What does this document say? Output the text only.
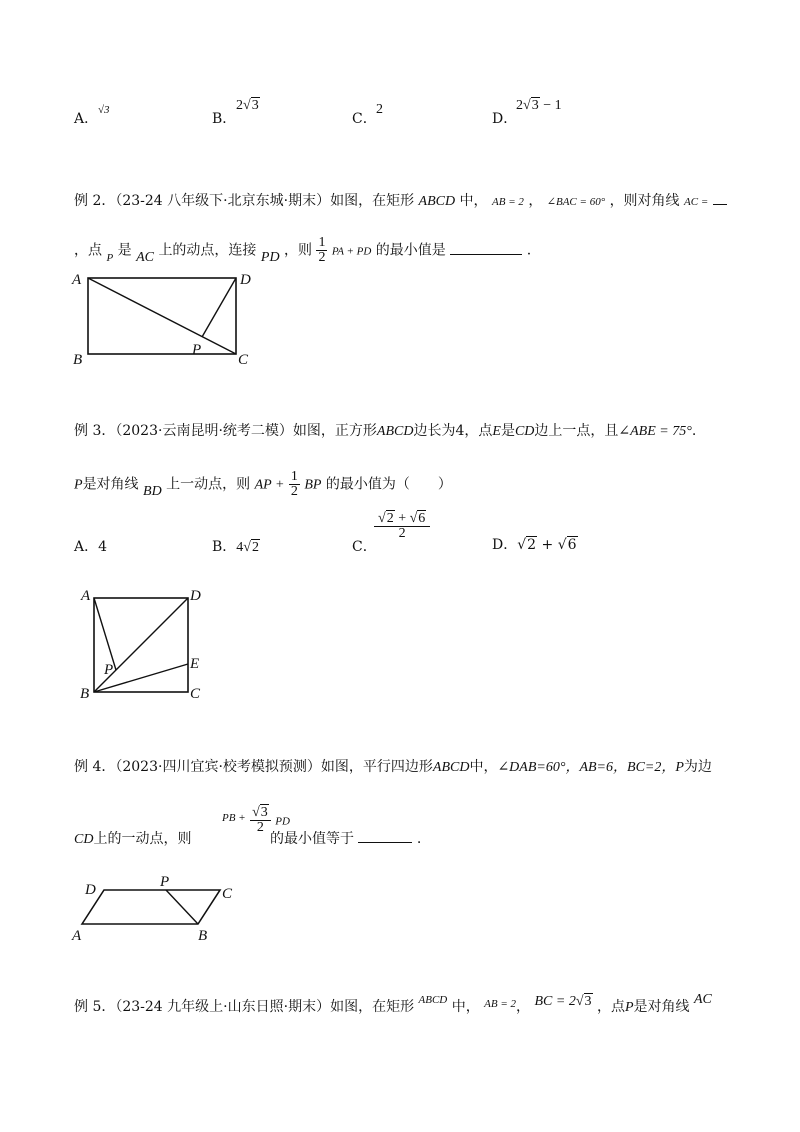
A．
√3
B．
2√3
C．
2
D．
2√3 − 1
例 2．（23-24 八年级下·北京东城·期末）如图，在矩形 ABCD 中， AB = 2 ， ∠BAC = 60° ，则对角线 AC =
，点 $_P$ 是 AC 上的动点，连接 PD ，则 $\frac{1}{2}$ PA + PD 的最小值是	.
A	D
B	C
P
例 3．（2023·云南昆明·统考二模）如图，正方形ABCD边长为4，点E是CD边上一点，且∠ABE = 75°.
P是对角线 BD 上一动点，则 AP + $\frac{1}{2}$ BP 的最小值为（　　）
A．4	B．4√2	C．
$\frac{√2 + √6}{2}$
D．√2 + √6
A	D
B	C
E
P
例 4．（2023·四川宜宾·校考模拟预测）如图，平行四边形ABCD中，∠DAB=60°，AB=6，BC=2，P为边
CD上的一动点，则
$^{PB +} \frac{√3}{2}$ PD
的最小值等于	.
D	P
C
A	B
例 5．（23-24 九年级上·山东日照·期末）如图，在矩形 $^{ABCD}$ 中， $^{AB = 2}$， BC = 2√3 ，点P是对角线 AC
